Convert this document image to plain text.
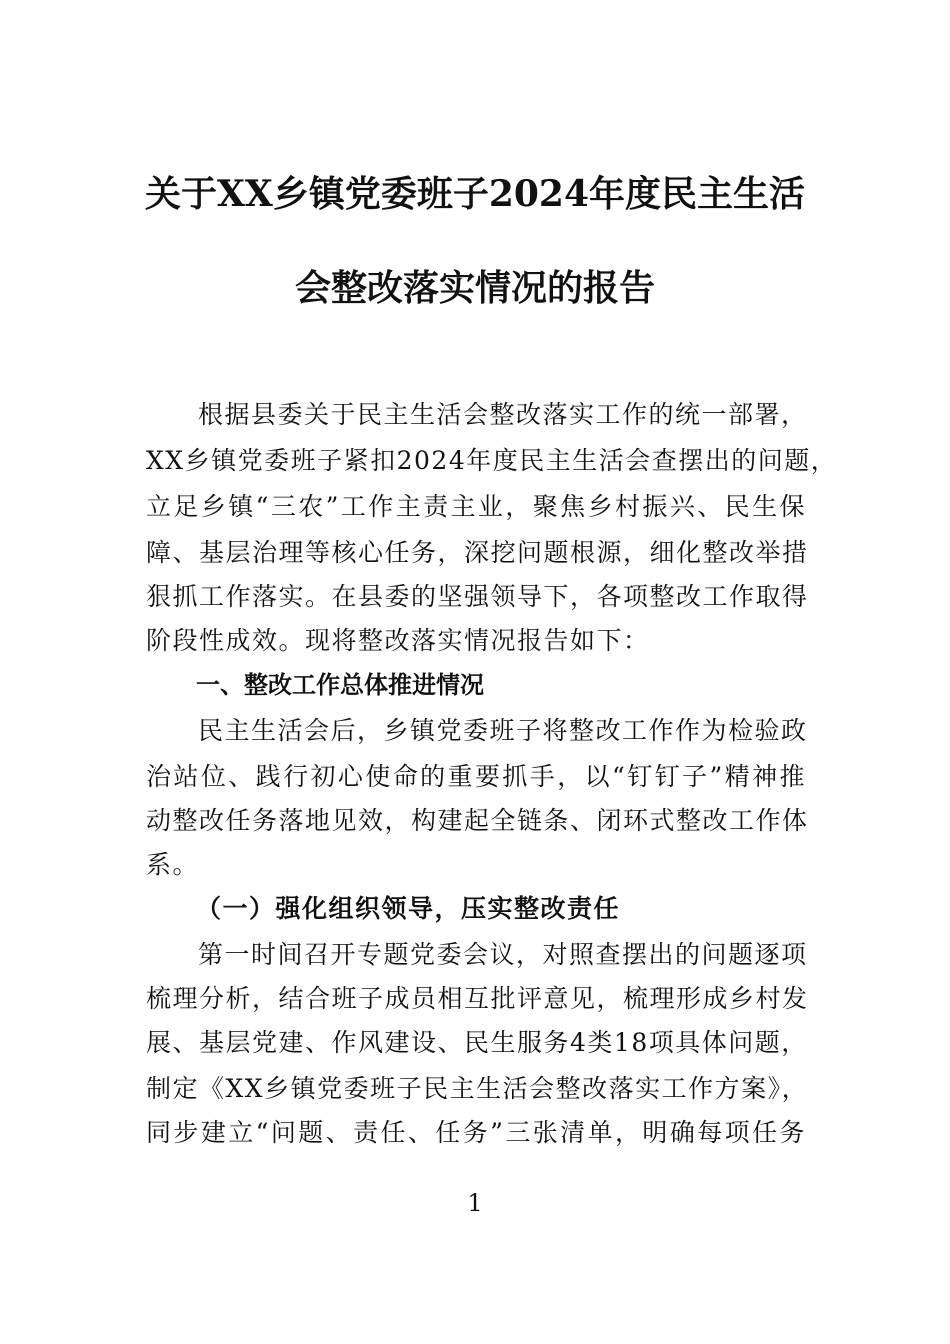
关于XX乡镇党委班子2024年度民主生活
会整改落实情况的报告

根据县委关于民主生活会整改落实工作的统一部署，

XX乡镇党委班子紧扣2024年度民主生活会查摆出的问题，

立足乡镇“三农”工作主责主业，聚焦乡村振兴、民生保

障、基层治理等核心任务，深挖问题根源，细化整改举措

狠抓工作落实。在县委的坚强领导下，各项整改工作取得

阶段性成效。现将整改落实情况报告如下：

一、整改工作总体推进情况

民主生活会后，乡镇党委班子将整改工作作为检验政

治站位、践行初心使命的重要抓手，以“钉钉子”精神推

动整改任务落地见效，构建起全链条、闭环式整改工作体

系。

（一）强化组织领导，压实整改责任

第一时间召开专题党委会议，对照查摆出的问题逐项

梳理分析，结合班子成员相互批评意见，梳理形成乡村发

展、基层党建、作风建设、民生服务4类18项具体问题，

制定《XX乡镇党委班子民主生活会整改落实工作方案》，

同步建立“问题、责任、任务”三张清单，明确每项任务

1
